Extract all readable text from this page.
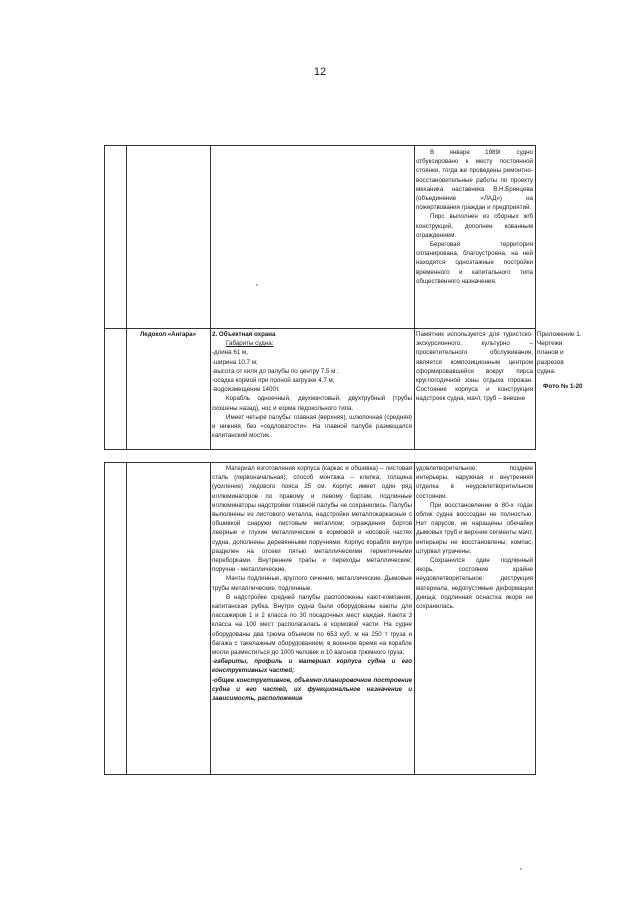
12

В январе 1989г судно отбуксировано к месту постоянной стоянки, тогда же проведены ремонтно-восстановительные работы по проекту механика наставника В.Н.Брянцева (объединение «ЛАД») на пожертвования граждан и предприятий.

Пирс выполнен из сборных ж/б конструкций, дополнен кованным ограждением.

Береговая территория спланирована, благоустроена, на ней находятся одноэтажные постройки временного и капитального типа общественного назначения.

Ледокол «Ангара»	2. Объектная охрана

Габариты судна:

-длина 61 м,

-ширина 10.7 м;

-высота от киля до палубы по центру 7.5 м ;

-осадка кормой при полной загрузке 4.7 м;

-водоизмещение 1400т.

Корабль одноечный, двухмачтовый, двухтрубный (трубы скошены назад), нос и корма ледокольного типа.

Имеет четыре палубы: главная (верхняя), шлюпочная (средняя) и нижняя, без «седловатости». На главной палубе размещался капитанский мостик.

Памятник используется для туристско-экскурсионного, культурно – просветительного обслуживания, является композиционным центром сформировавшейся вокруг пирса круглогодичной зоны отдыха горожан. Состояние корпуса и конструкция надстроек судна, мачт, труб – внешне

Приложение 1. Чертежи планов и разрезов судна.

Фото № 1-20

Материал изготовления корпуса (каркас и обшивка) – листовая сталь (первоначальная); способ монтажа – клепка; толщина (усиление) ледового пояса 25 см. Корпус имеет один ряд иллюминаторов по правому и левому бортам, подлинные иллюминаторы надстройки главной палубы не сохранились. Палубы выполнены из листового металла, надстройки металлокаркасные с обшивкой снаружи листовым металлом; ограждения бортов леерные и глухие металлические в кормовой и носовой частях судна, дополнены деревянными поручнями. Корпус корабля внутри разделен на отсеки пятью металлическими герметичными переборками. Внутренние трапы и переходы металлические, поручни - металлические.

Мачты подлинные, круглого сечения, металлические. Дымовые трубы металлические, подлинные.

В надстройке средней палубы расположены кают-компания, капитанская рубка. Внутри судна были оборудованы каюты для пассажиров 1 и 2 класса по 30 посадочных мест каждая. Каюта 3 класса на 100 мест располагалась в кормовой части. На судне оборудованы два трюма объемом по 653 куб. м на 250 т груза и багажа с такелажным оборудованием; в военное время на корабле могли разместиться до 1000 человек и 10 вагонов трюмного груза;

-габариты, профиль и материал корпуса судна и его конструктивных частей;

-общее конструктивное, объемно-планировочное построение судна и его частей, их функциональное назначение и зависимость, расположение

удовлетворительное; поздние интерьеры, наружная и внутренняя отделка в неудовлетворительном состоянии.

При восстановлении в 80-х годах облик судна воссоздан не полностью. Нет парусов, не наращены обечайки дымовых труб и верхние сегменты мачт, интерьеры не восстановлены; компас, штурвал утрачены.

Сохранился один подлинный якорь, состояние крайне неудовлетворительное: деструкция материала, недопустимые деформации днища; подлинная оснастка якоря не сохранилась.
